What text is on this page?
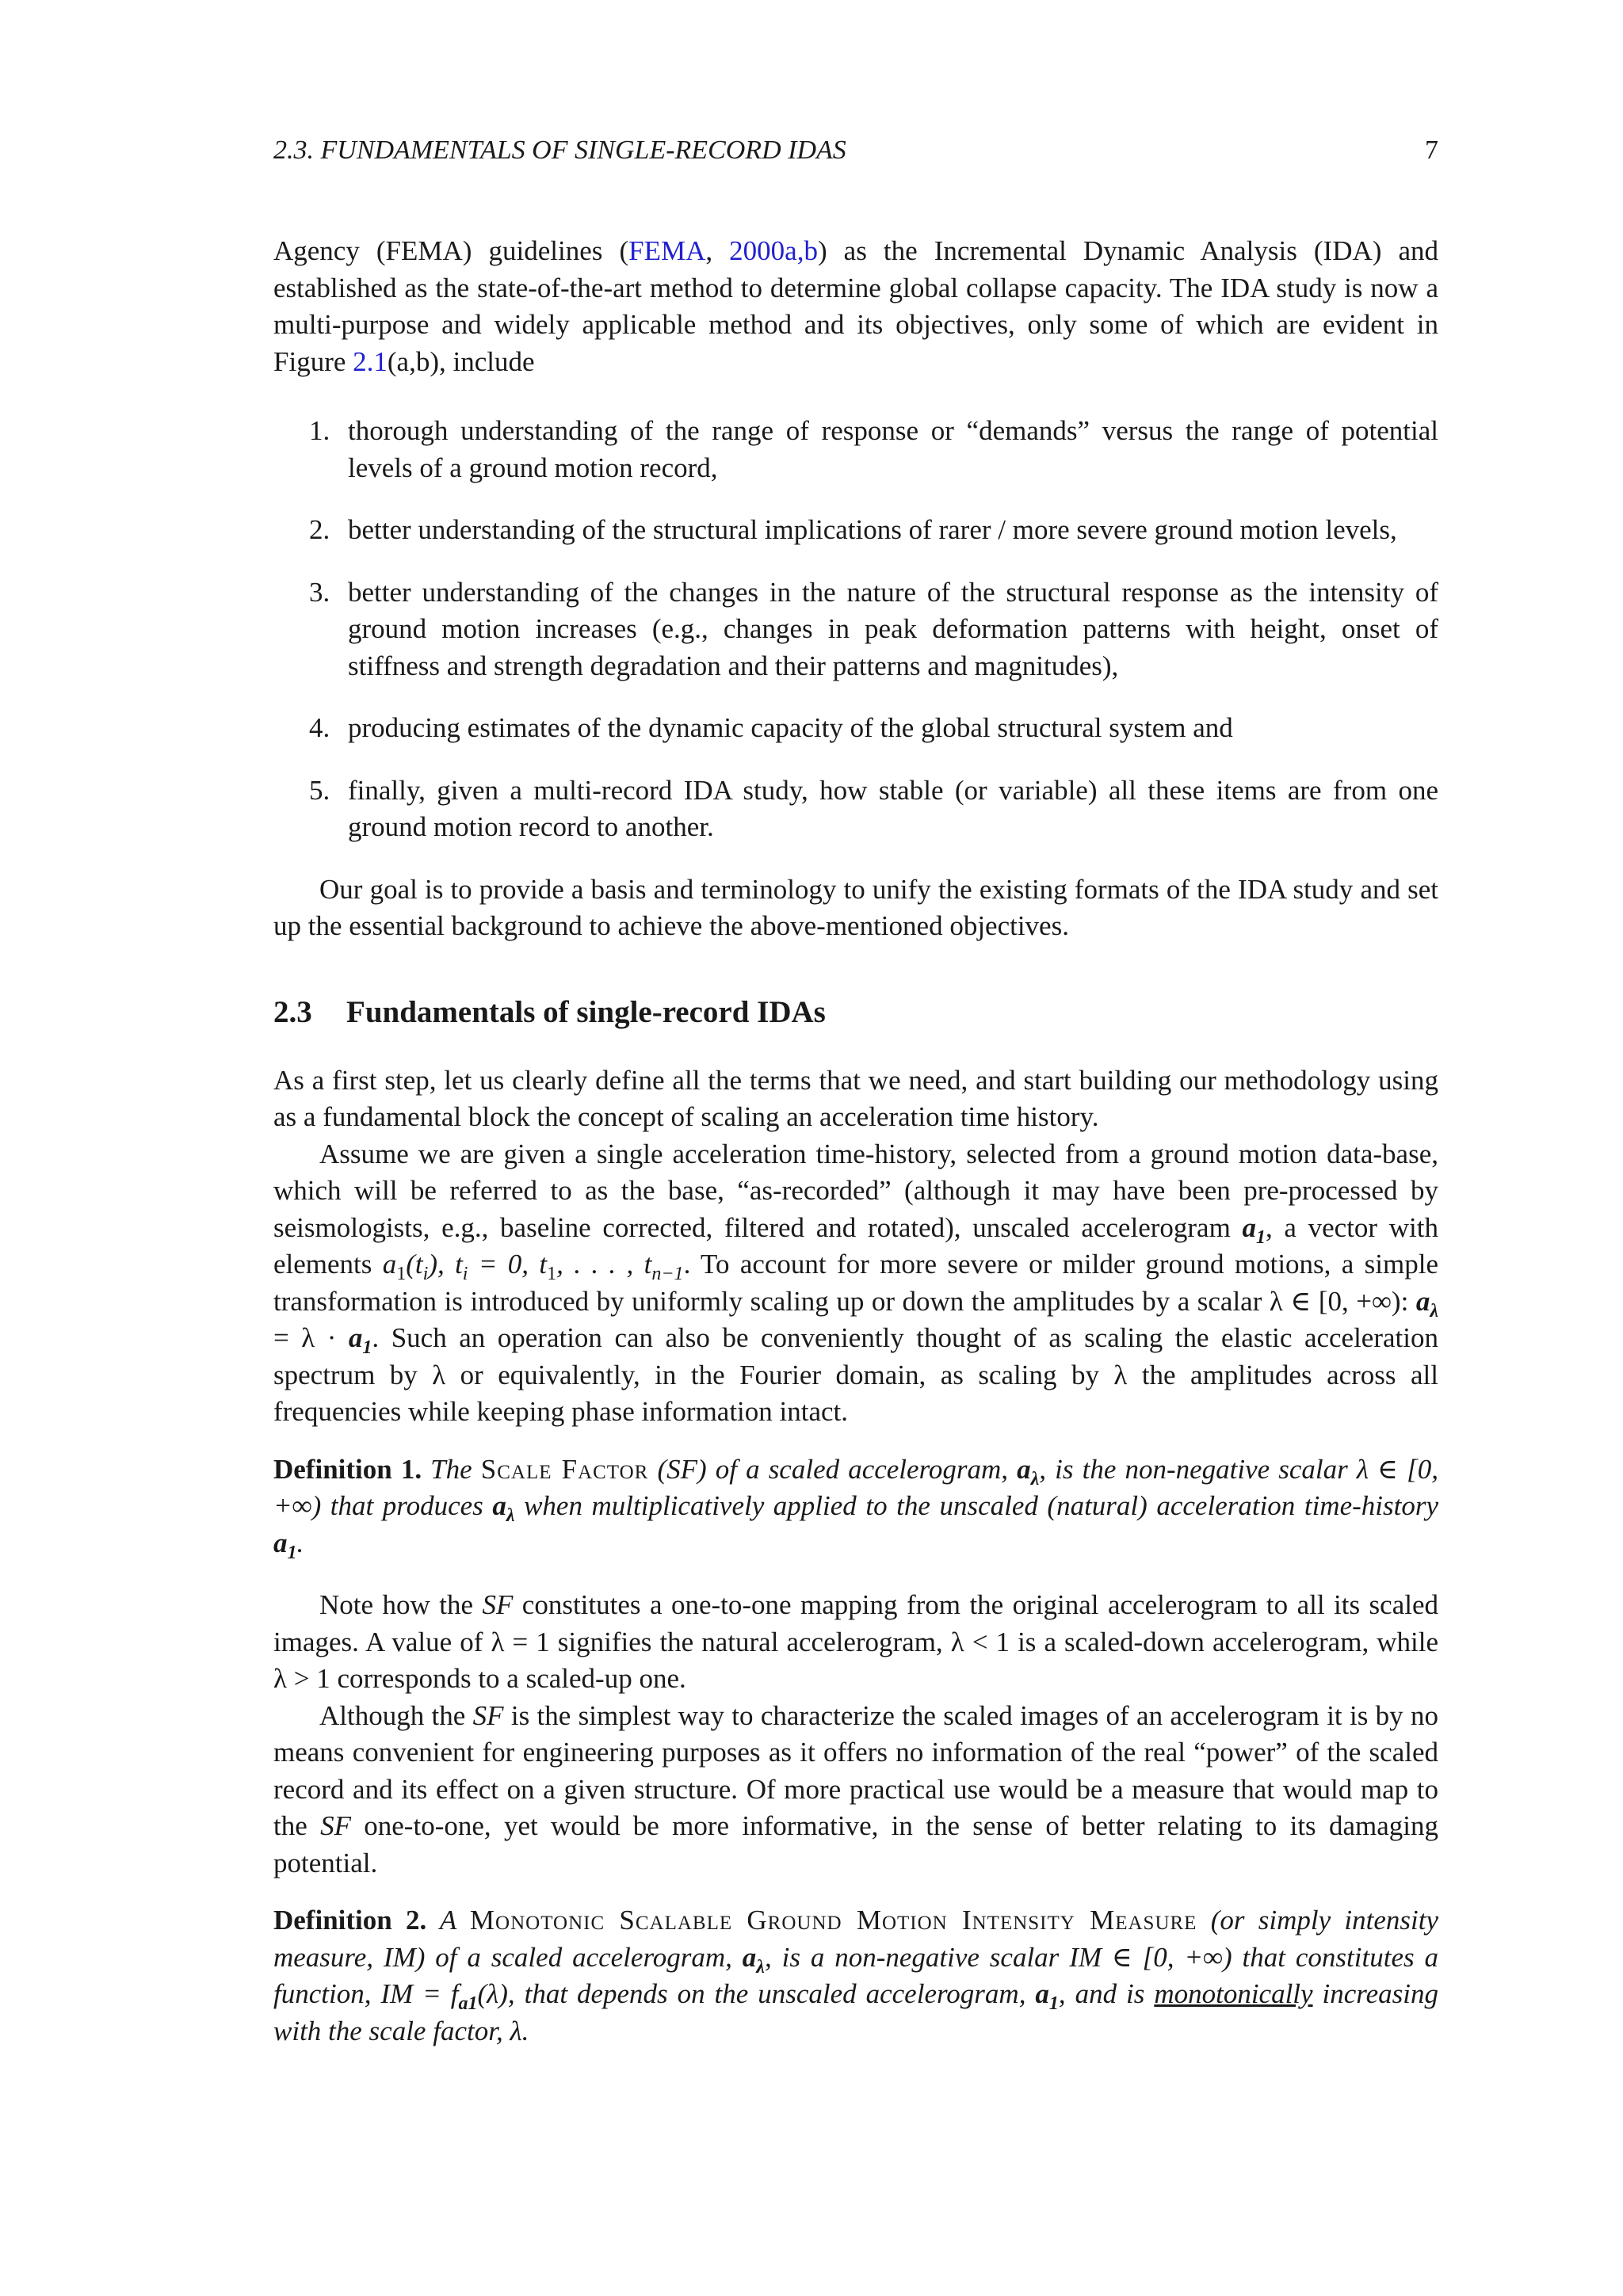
2.3. FUNDAMENTALS OF SINGLE-RECORD IDAS	7

Agency (FEMA) guidelines (FEMA, 2000a,b) as the Incremental Dynamic Analysis (IDA) and established as the state-of-the-art method to determine global collapse capacity. The IDA study is now a multi-purpose and widely applicable method and its objectives, only some of which are evident in Figure 2.1(a,b), include

1. thorough understanding of the range of response or “demands” versus the range of potential levels of a ground motion record,
2. better understanding of the structural implications of rarer / more severe ground motion levels,
3. better understanding of the changes in the nature of the structural response as the intensity of ground motion increases (e.g., changes in peak deformation patterns with height, onset of stiffness and strength degradation and their patterns and magnitudes),
4. producing estimates of the dynamic capacity of the global structural system and
5. finally, given a multi-record IDA study, how stable (or variable) all these items are from one ground motion record to another.

Our goal is to provide a basis and terminology to unify the existing formats of the IDA study and set up the essential background to achieve the above-mentioned objectives.

2.3 Fundamentals of single-record IDAs

As a first step, let us clearly define all the terms that we need, and start building our methodology using as a fundamental block the concept of scaling an acceleration time history.

Assume we are given a single acceleration time-history, selected from a ground motion data-base, which will be referred to as the base, “as-recorded” (although it may have been pre-processed by seismologists, e.g., baseline corrected, filtered and rotated), unscaled accelerogram $a_1$, a vector with elements $a_1(t_i)$, $t_i = 0$, $t_1$, . . . , $t_{n-1}$. To account for more severe or milder ground motions, a simple transformation is introduced by uniformly scaling up or down the amplitudes by a scalar λ ∈ [0, +∞): $a_\lambda = \lambda \cdot a_1$. Such an operation can also be conveniently thought of as scaling the elastic acceleration spectrum by λ or equivalently, in the Fourier domain, as scaling by λ the amplitudes across all frequencies while keeping phase information intact.

Definition 1. The Scale Factor (SF) of a scaled accelerogram, $a_\lambda$, is the non-negative scalar λ ∈ [0, +∞) that produces $a_\lambda$ when multiplicatively applied to the unscaled (natural) acceleration time-history $a_1$.

Note how the SF constitutes a one-to-one mapping from the original accelerogram to all its scaled images. A value of λ = 1 signifies the natural accelerogram, λ < 1 is a scaled-down accelerogram, while λ > 1 corresponds to a scaled-up one.

Although the SF is the simplest way to characterize the scaled images of an accelerogram it is by no means convenient for engineering purposes as it offers no information of the real “power” of the scaled record and its effect on a given structure. Of more practical use would be a measure that would map to the SF one-to-one, yet would be more informative, in the sense of better relating to its damaging potential.

Definition 2. A Monotonic Scalable Ground Motion Intensity Measure (or simply intensity measure, IM) of a scaled accelerogram, $a_\lambda$, is a non-negative scalar IM ∈ [0, +∞) that constitutes a function, IM = $f_{a1}(\lambda)$, that depends on the unscaled accelerogram, $a_1$, and is monotonically increasing with the scale factor, λ.
